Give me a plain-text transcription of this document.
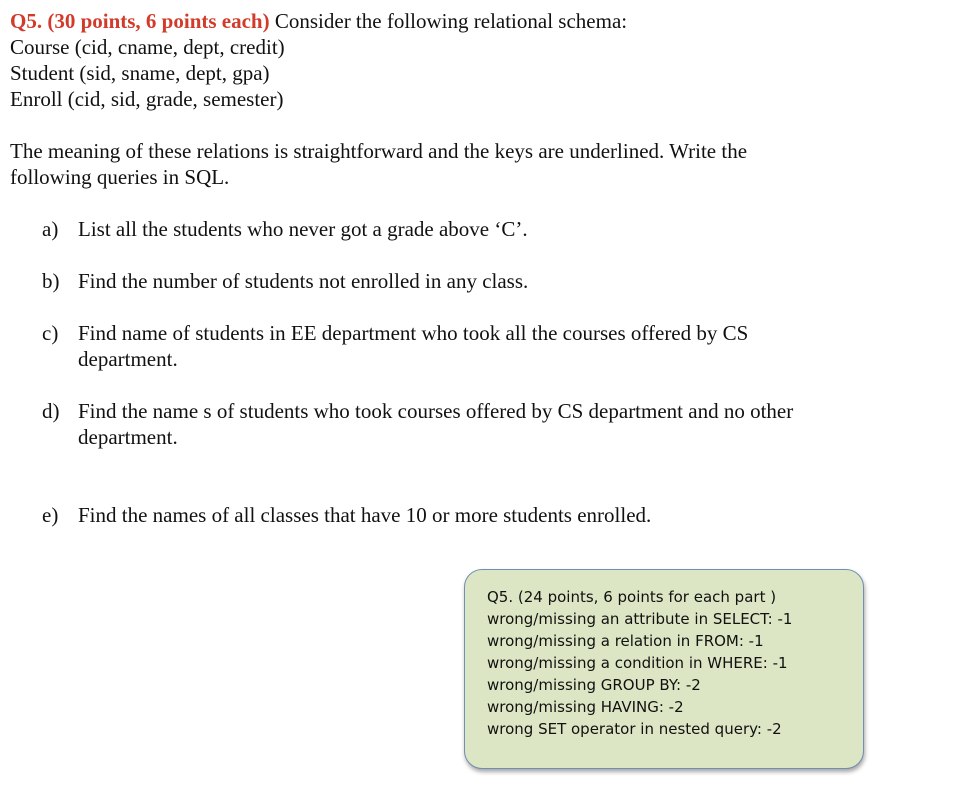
Q5. (30 points, 6 points each) Consider the following relational schema:

Course (cid, cname, dept, credit)

Student (sid, sname, dept, gpa)

Enroll (cid, sid, grade, semester)

The meaning of these relations is straightforward and the keys are underlined. Write the following queries in SQL.

a) List all the students who never got a grade above ‘C’.
b) Find the number of students not enrolled in any class.
c) Find name of students in EE department who took all the courses offered by CS department.
d) Find the name s of students who took courses offered by CS department and no other department.
e) Find the names of all classes that have 10 or more students enrolled.
Q5. (24 points, 6 points for each part )
wrong/missing an attribute in SELECT: -1
wrong/missing a relation in FROM: -1
wrong/missing a condition in WHERE: -1
wrong/missing GROUP BY: -2
wrong/missing HAVING: -2
wrong SET operator in nested query: -2
